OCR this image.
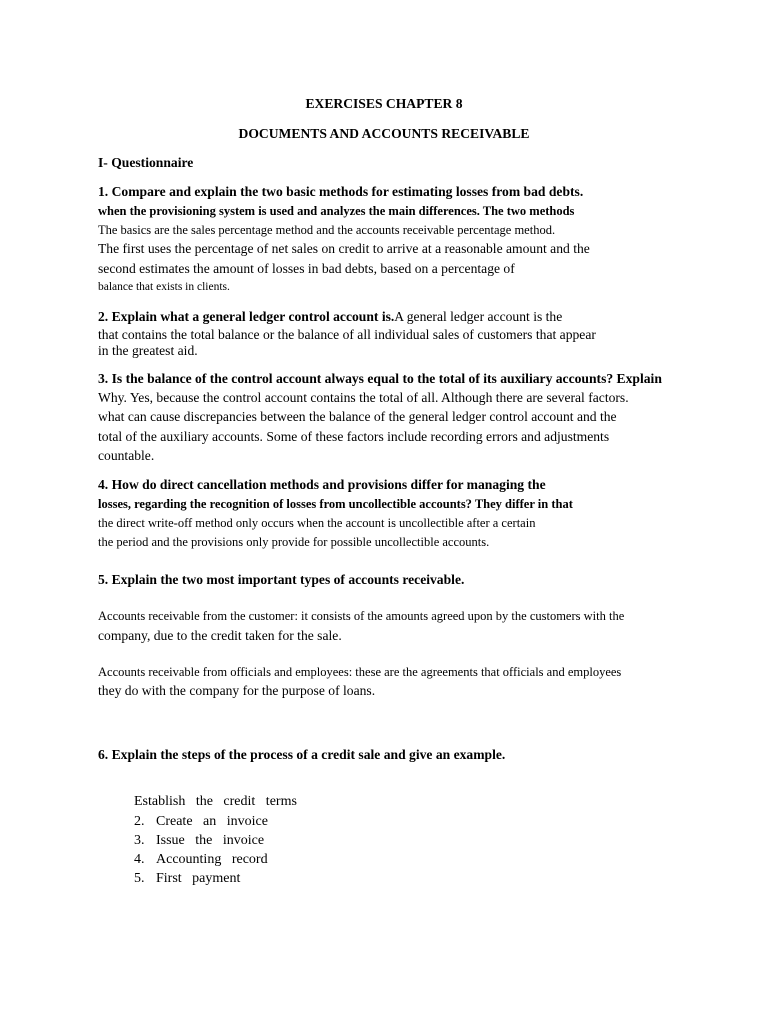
EXERCISES CHAPTER 8
DOCUMENTS AND ACCOUNTS RECEIVABLE
I- Questionnaire
1. Compare and explain the two basic methods for estimating losses from bad debts.
when the provisioning system is used and analyzes the main differences. The two methods
The basics are the sales percentage method and the accounts receivable percentage method.
The first uses the percentage of net sales on credit to arrive at a reasonable amount and the
second estimates the amount of losses in bad debts, based on a percentage of
balance that exists in clients.
2. Explain what a general ledger control account is.A general ledger account is the
that contains the total balance or the balance of all individual sales of customers that appear
in the greatest aid.
3. Is the balance of the control account always equal to the total of its auxiliary accounts? Explain
Why. Yes, because the control account contains the total of all. Although there are several factors.
what can cause discrepancies between the balance of the general ledger control account and the
total of the auxiliary accounts. Some of these factors include recording errors and adjustments
countable.
4. How do direct cancellation methods and provisions differ for managing the
losses, regarding the recognition of losses from uncollectible accounts? They differ in that
the direct write-off method only occurs when the account is uncollectible after a certain
the period and the provisions only provide for possible uncollectible accounts.
5. Explain the two most important types of accounts receivable.
Accounts receivable from the customer: it consists of the amounts agreed upon by the customers with the
company, due to the credit taken for the sale.
Accounts receivable from officials and employees: these are the agreements that officials and employees
they do with the company for the purpose of loans.
6. Explain the steps of the process of a credit sale and give an example.

Establish   the   credit   terms

2. Create   an   invoice

3. Issue   the   invoice

4. Accounting   record

5. First   payment
